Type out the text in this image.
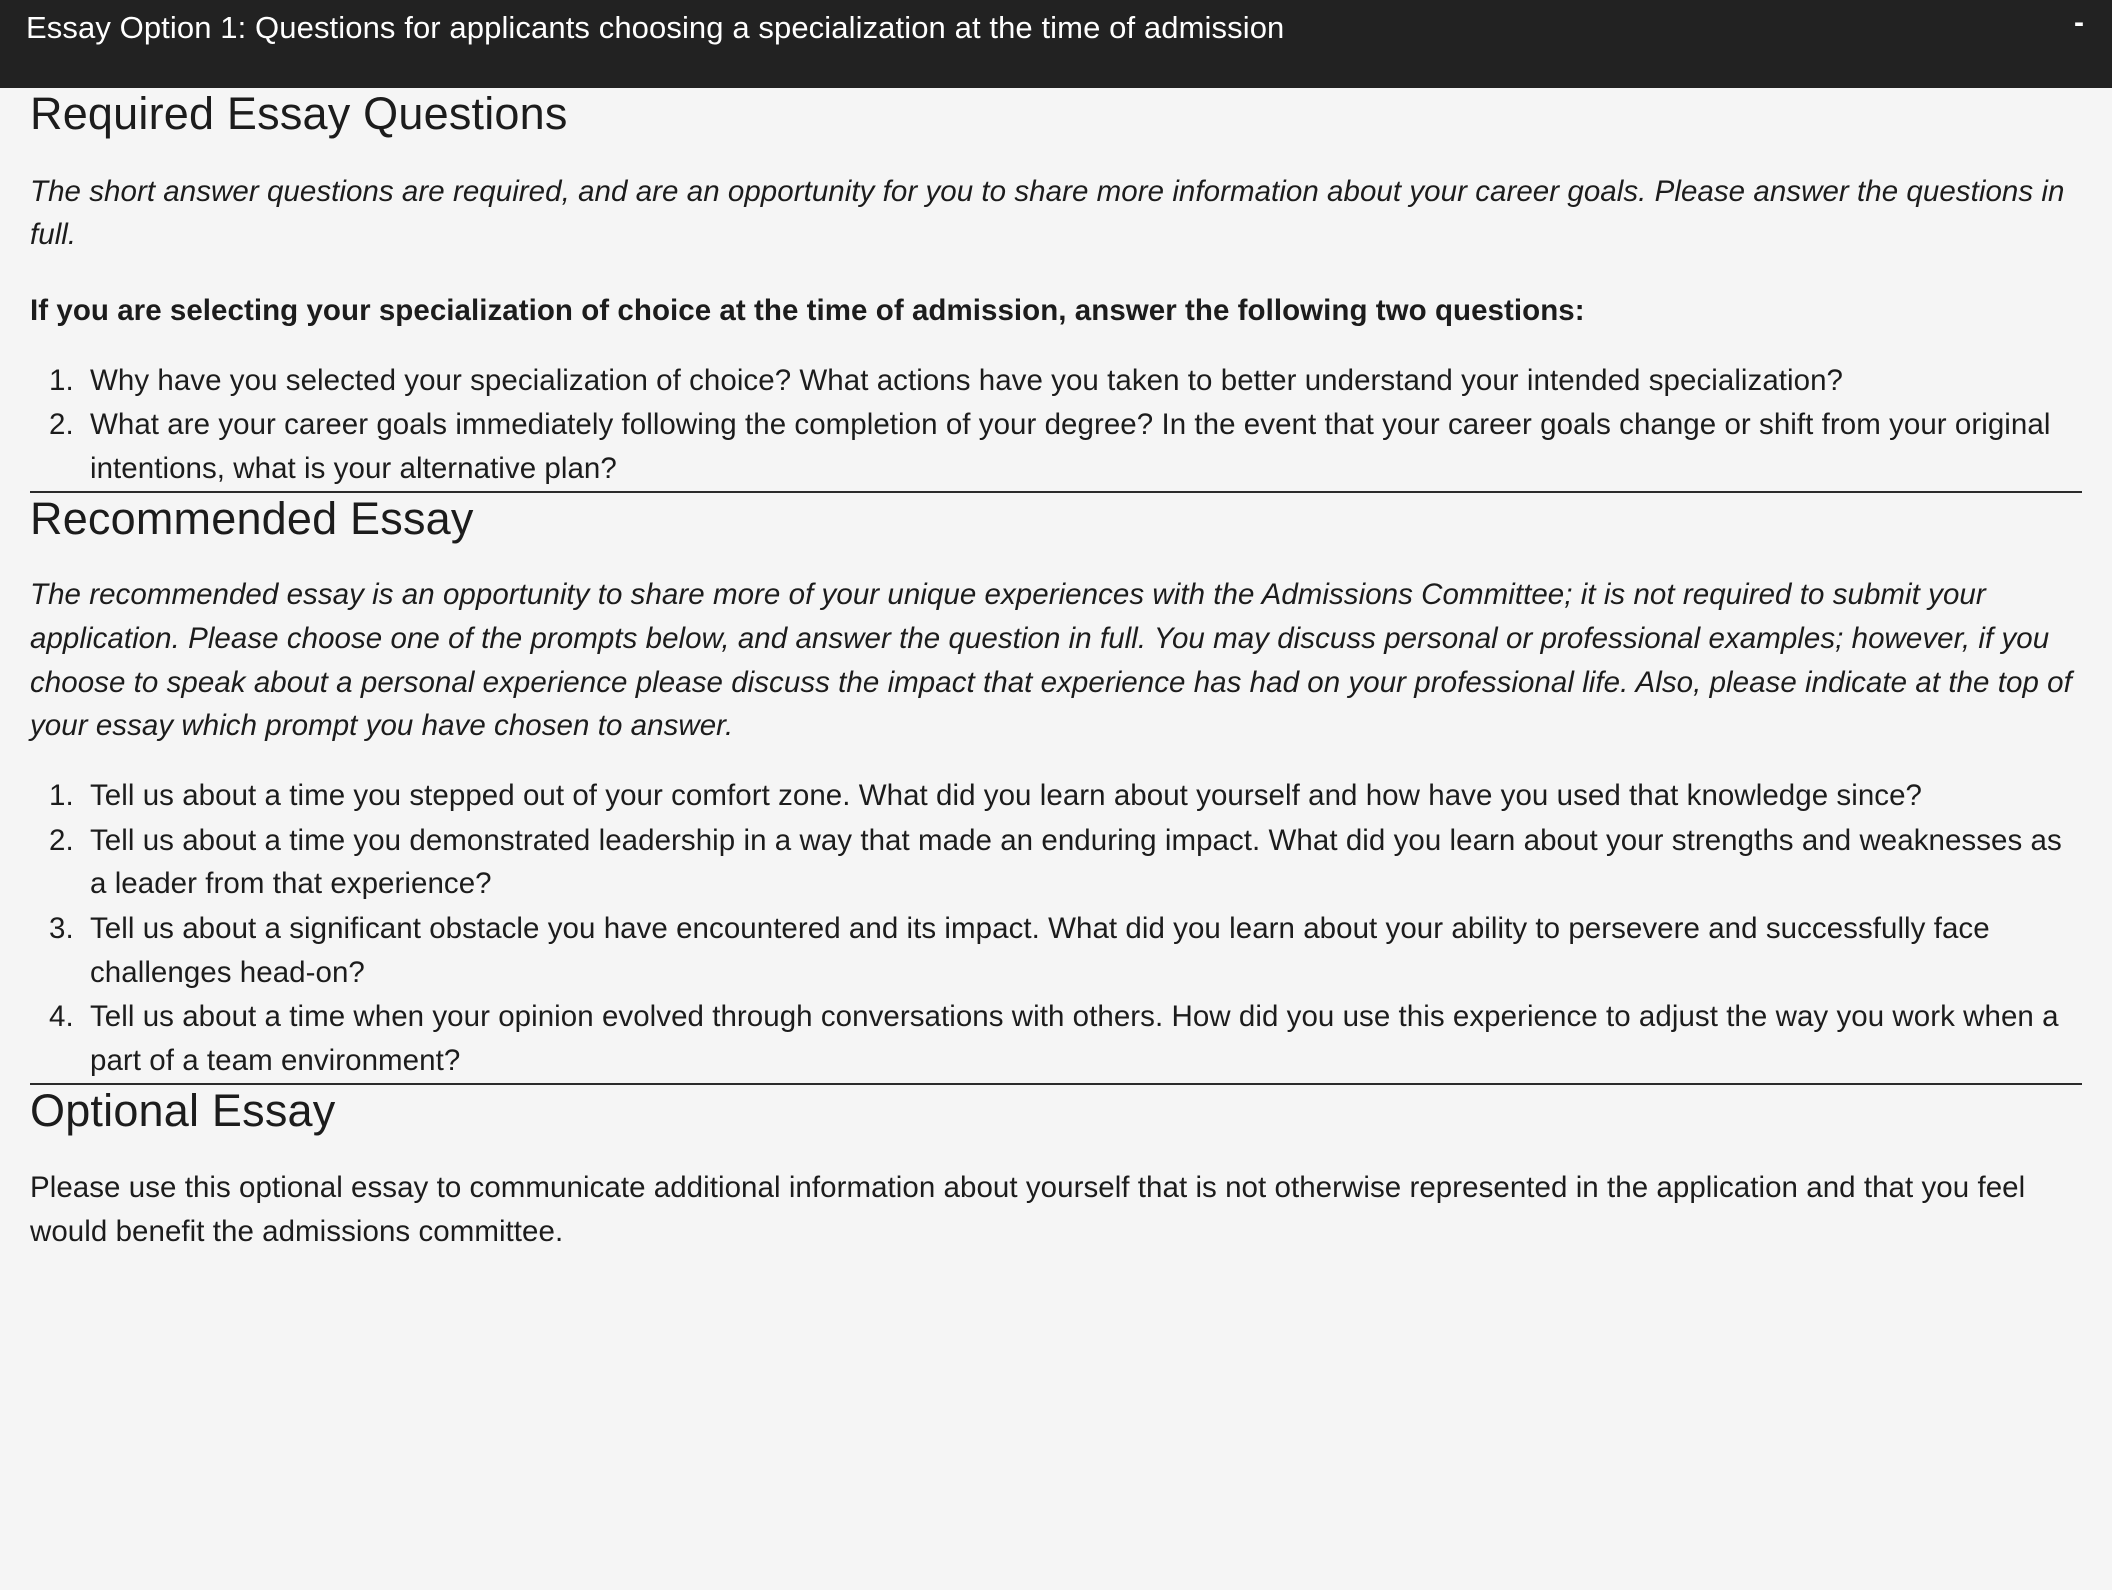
Essay Option 1: Questions for applicants choosing a specialization at the time of admission	-
Required Essay Questions

The short answer questions are required, and are an opportunity for you to share more information about your career goals. Please answer the questions in full.

If you are selecting your specialization of choice at the time of admission, answer the following two questions:

1. Why have you selected your specialization of choice? What actions have you taken to better understand your intended specialization?
2. What are your career goals immediately following the completion of your degree? In the event that your career goals change or shift from your original intentions, what is your alternative plan?
Recommended Essay

The recommended essay is an opportunity to share more of your unique experiences with the Admissions Committee; it is not required to submit your application. Please choose one of the prompts below, and answer the question in full. You may discuss personal or professional examples; however, if you choose to speak about a personal experience please discuss the impact that experience has had on your professional life. Also, please indicate at the top of your essay which prompt you have chosen to answer.

1. Tell us about a time you stepped out of your comfort zone. What did you learn about yourself and how have you used that knowledge since?
2. Tell us about a time you demonstrated leadership in a way that made an enduring impact. What did you learn about your strengths and weaknesses as a leader from that experience?
3. Tell us about a significant obstacle you have encountered and its impact. What did you learn about your ability to persevere and successfully face challenges head-on?
4. Tell us about a time when your opinion evolved through conversations with others. How did you use this experience to adjust the way you work when a part of a team environment?
Optional Essay

Please use this optional essay to communicate additional information about yourself that is not otherwise represented in the application and that you feel would benefit the admissions committee.
